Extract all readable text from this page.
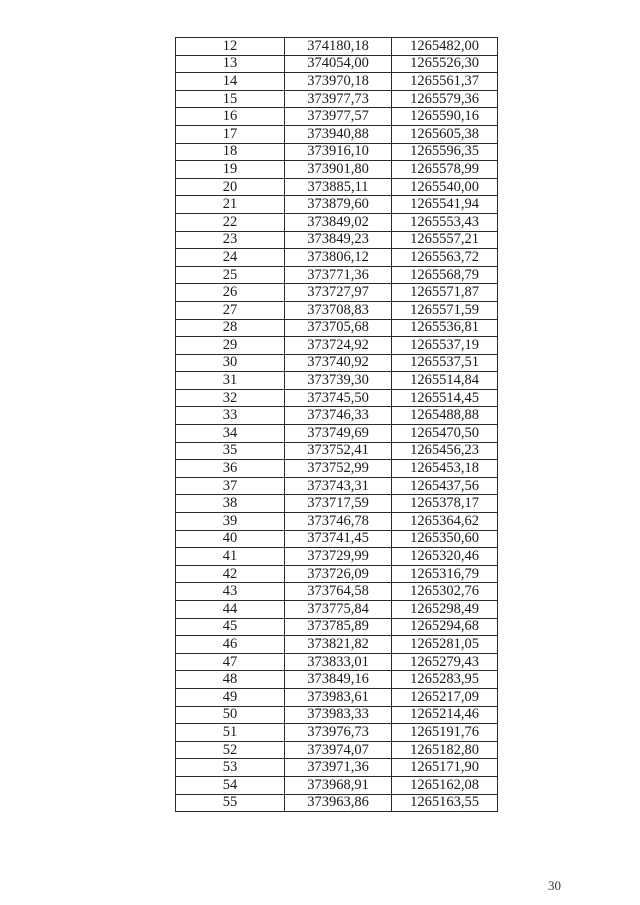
12	374180,18	1265482,00
13	374054,00	1265526,30
14	373970,18	1265561,37
15	373977,73	1265579,36
16	373977,57	1265590,16
17	373940,88	1265605,38
18	373916,10	1265596,35
19	373901,80	1265578,99
20	373885,11	1265540,00
21	373879,60	1265541,94
22	373849,02	1265553,43
23	373849,23	1265557,21
24	373806,12	1265563,72
25	373771,36	1265568,79
26	373727,97	1265571,87
27	373708,83	1265571,59
28	373705,68	1265536,81
29	373724,92	1265537,19
30	373740,92	1265537,51
31	373739,30	1265514,84
32	373745,50	1265514,45
33	373746,33	1265488,88
34	373749,69	1265470,50
35	373752,41	1265456,23
36	373752,99	1265453,18
37	373743,31	1265437,56
38	373717,59	1265378,17
39	373746,78	1265364,62
40	373741,45	1265350,60
41	373729,99	1265320,46
42	373726,09	1265316,79
43	373764,58	1265302,76
44	373775,84	1265298,49
45	373785,89	1265294,68
46	373821,82	1265281,05
47	373833,01	1265279,43
48	373849,16	1265283,95
49	373983,61	1265217,09
50	373983,33	1265214,46
51	373976,73	1265191,76
52	373974,07	1265182,80
53	373971,36	1265171,90
54	373968,91	1265162,08
55	373963,86	1265163,55
30
